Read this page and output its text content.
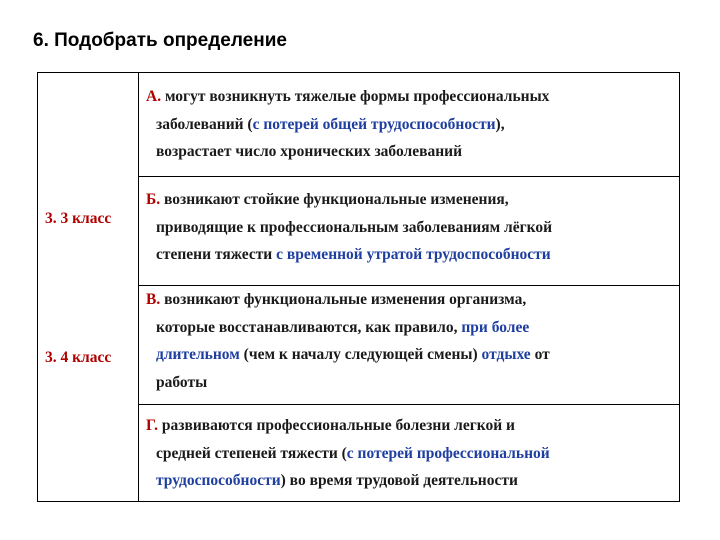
6. Подобрать определение
3. 3 класс
3. 4 класс
А. могут возникнуть тяжелые формы профессиональных
заболеваний (с потерей общей трудоспособности),
возрастает число хронических заболеваний
Б. возникают стойкие функциональные изменения,
приводящие к профессиональным заболеваниям лёгкой
степени тяжести с временной утратой трудоспособности
В. возникают функциональные изменения организма,
которые восстанавливаются, как правило, при более
длительном (чем к началу следующей смены) отдыхе от
работы
Г. развиваются профессиональные болезни легкой и
средней степеней тяжести (с потерей профессиональной
трудоспособности) во время трудовой деятельности
